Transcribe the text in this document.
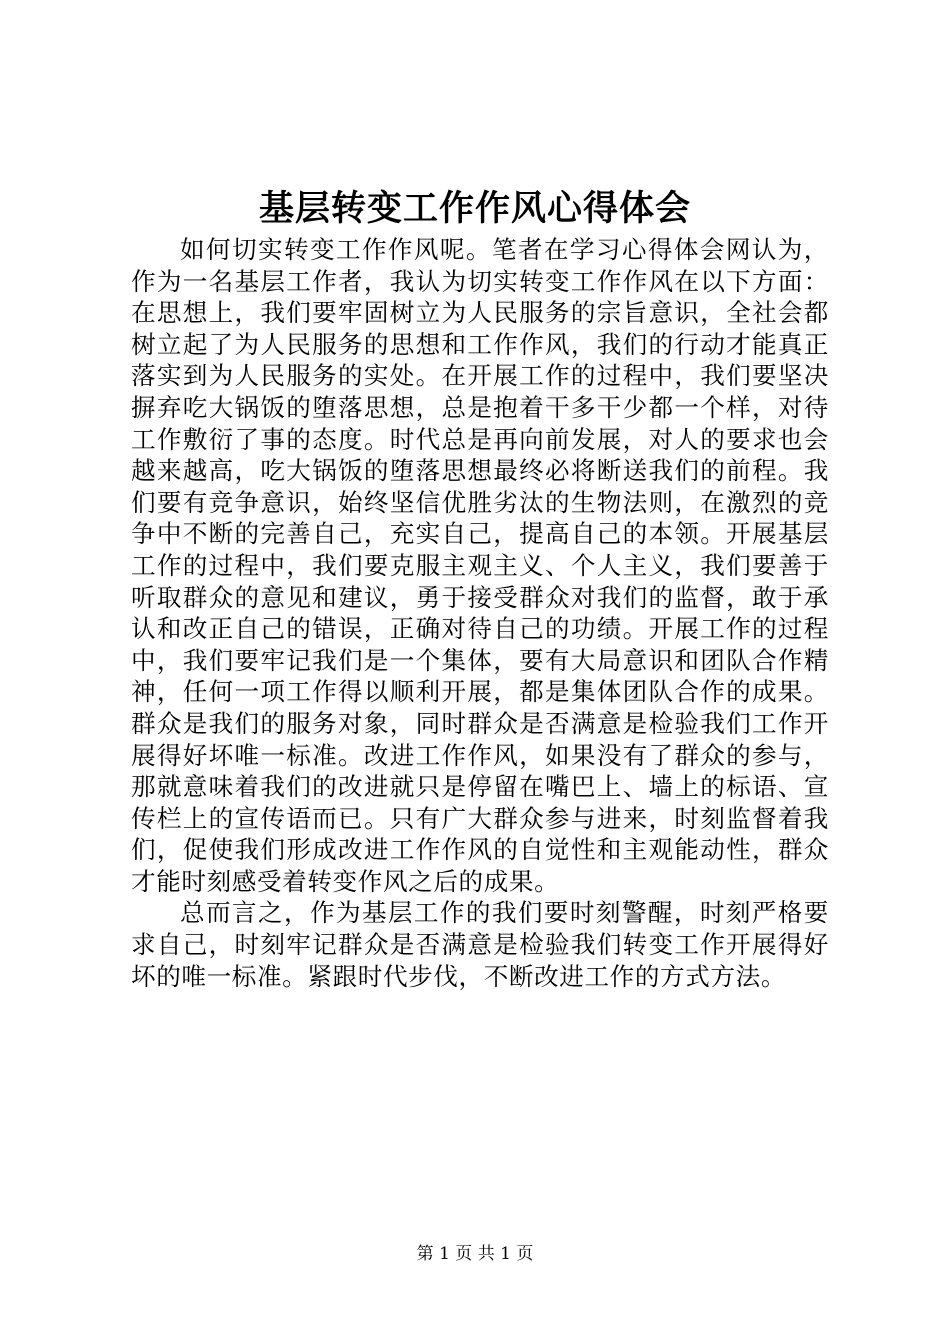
基层转变工作作风心得体会

如何切实转变工作作风呢。笔者在学习心得体会网认为，作为一名基层工作者，我认为切实转变工作作风在以下方面：在思想上，我们要牢固树立为人民服务的宗旨意识，全社会都树立起了为人民服务的思想和工作作风，我们的行动才能真正落实到为人民服务的实处。在开展工作的过程中，我们要坚决摒弃吃大锅饭的堕落思想，总是抱着干多干少都一个样，对待工作敷衍了事的态度。时代总是再向前发展，对人的要求也会越来越高，吃大锅饭的堕落思想最终必将断送我们的前程。我们要有竞争意识，始终坚信优胜劣汰的生物法则，在激烈的竞争中不断的完善自己，充实自己，提高自己的本领。开展基层工作的过程中，我们要克服主观主义、个人主义，我们要善于听取群众的意见和建议，勇于接受群众对我们的监督，敢于承认和改正自己的错误，正确对待自己的功绩。开展工作的过程中，我们要牢记我们是一个集体，要有大局意识和团队合作精神，任何一项工作得以顺利开展，都是集体团队合作的成果。群众是我们的服务对象，同时群众是否满意是检验我们工作开展得好坏唯一标准。改进工作作风，如果没有了群众的参与，那就意味着我们的改进就只是停留在嘴巴上、墙上的标语、宣传栏上的宣传语而已。只有广大群众参与进来，时刻监督着我们，促使我们形成改进工作作风的自觉性和主观能动性，群众才能时刻感受着转变作风之后的成果。

总而言之，作为基层工作的我们要时刻警醒，时刻严格要求自己，时刻牢记群众是否满意是检验我们转变工作开展得好坏的唯一标准。紧跟时代步伐，不断改进工作的方式方法。

第 1 页 共 1 页
